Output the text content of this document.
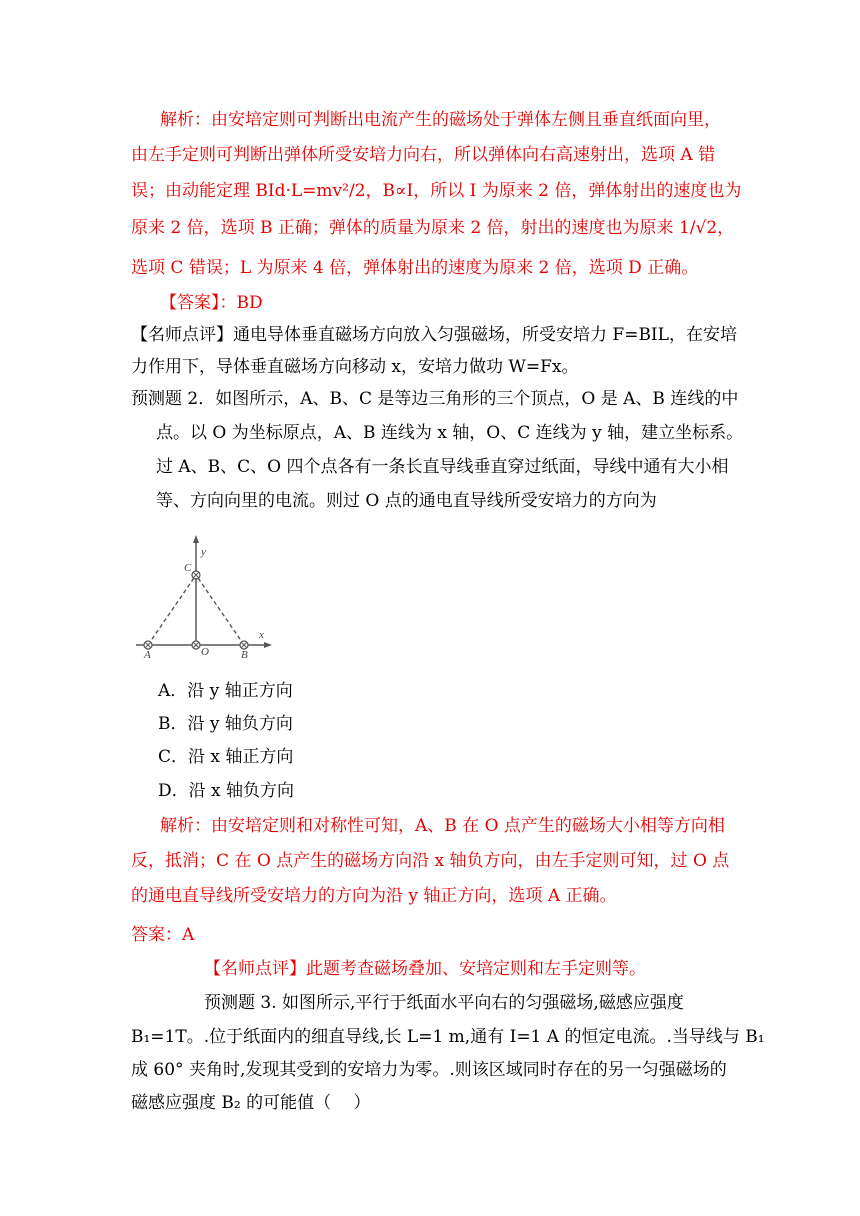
解析：由安培定则可判断出电流产生的磁场处于弹体左侧且垂直纸面向里，
由左手定则可判断出弹体所受安培力向右，所以弹体向右高速射出，选项 A 错
误；由动能定理 BId·L=mv²/2，B∝I，所以 I 为原来 2 倍，弹体射出的速度也为
原来 2 倍，选项 B 正确；弹体的质量为原来 2 倍，射出的速度也为原来 1/√2，
选项 C 错误；L 为原来 4 倍，弹体射出的速度为原来 2 倍，选项 D 正确。
【答案】：BD
【名师点评】通电导体垂直磁场方向放入匀强磁场，所受安培力 F=BIL，在安培
力作用下，导体垂直磁场方向移动 x，安培力做功 W=Fx。
预测题 2．如图所示，A、B、C 是等边三角形的三个顶点，O 是 A、B 连线的中
点。以 O 为坐标原点，A、B 连线为 x 轴，O、C 连线为 y 轴，建立坐标系。
过 A、B、C、O 四个点各有一条长直导线垂直穿过纸面，导线中通有大小相
等、方向向里的电流。则过 O 点的通电直导线所受安培力的方向为
y
x
C
A	O	B
A．沿 y 轴正方向
B．沿 y 轴负方向
C．沿 x 轴正方向
D．沿 x 轴负方向
解析：由安培定则和对称性可知，A、B 在 O 点产生的磁场大小相等方向相
反，抵消；C 在 O 点产生的磁场方向沿 x 轴负方向，由左手定则可知，过 O 点
的通电直导线所受安培力的方向为沿 y 轴正方向，选项 A 正确。
答案：A
【名师点评】此题考查磁场叠加、安培定则和左手定则等。
预测题 3. 如图所示,平行于纸面水平向右的匀强磁场,磁感应强度
B₁=1T。.位于纸面内的细直导线,长 L=1 m,通有 I=1 A 的恒定电流。.当导线与 B₁
成 60° 夹角时,发现其受到的安培力为零。.则该区域同时存在的另一匀强磁场的
磁感应强度 B₂ 的可能值（　 ）
